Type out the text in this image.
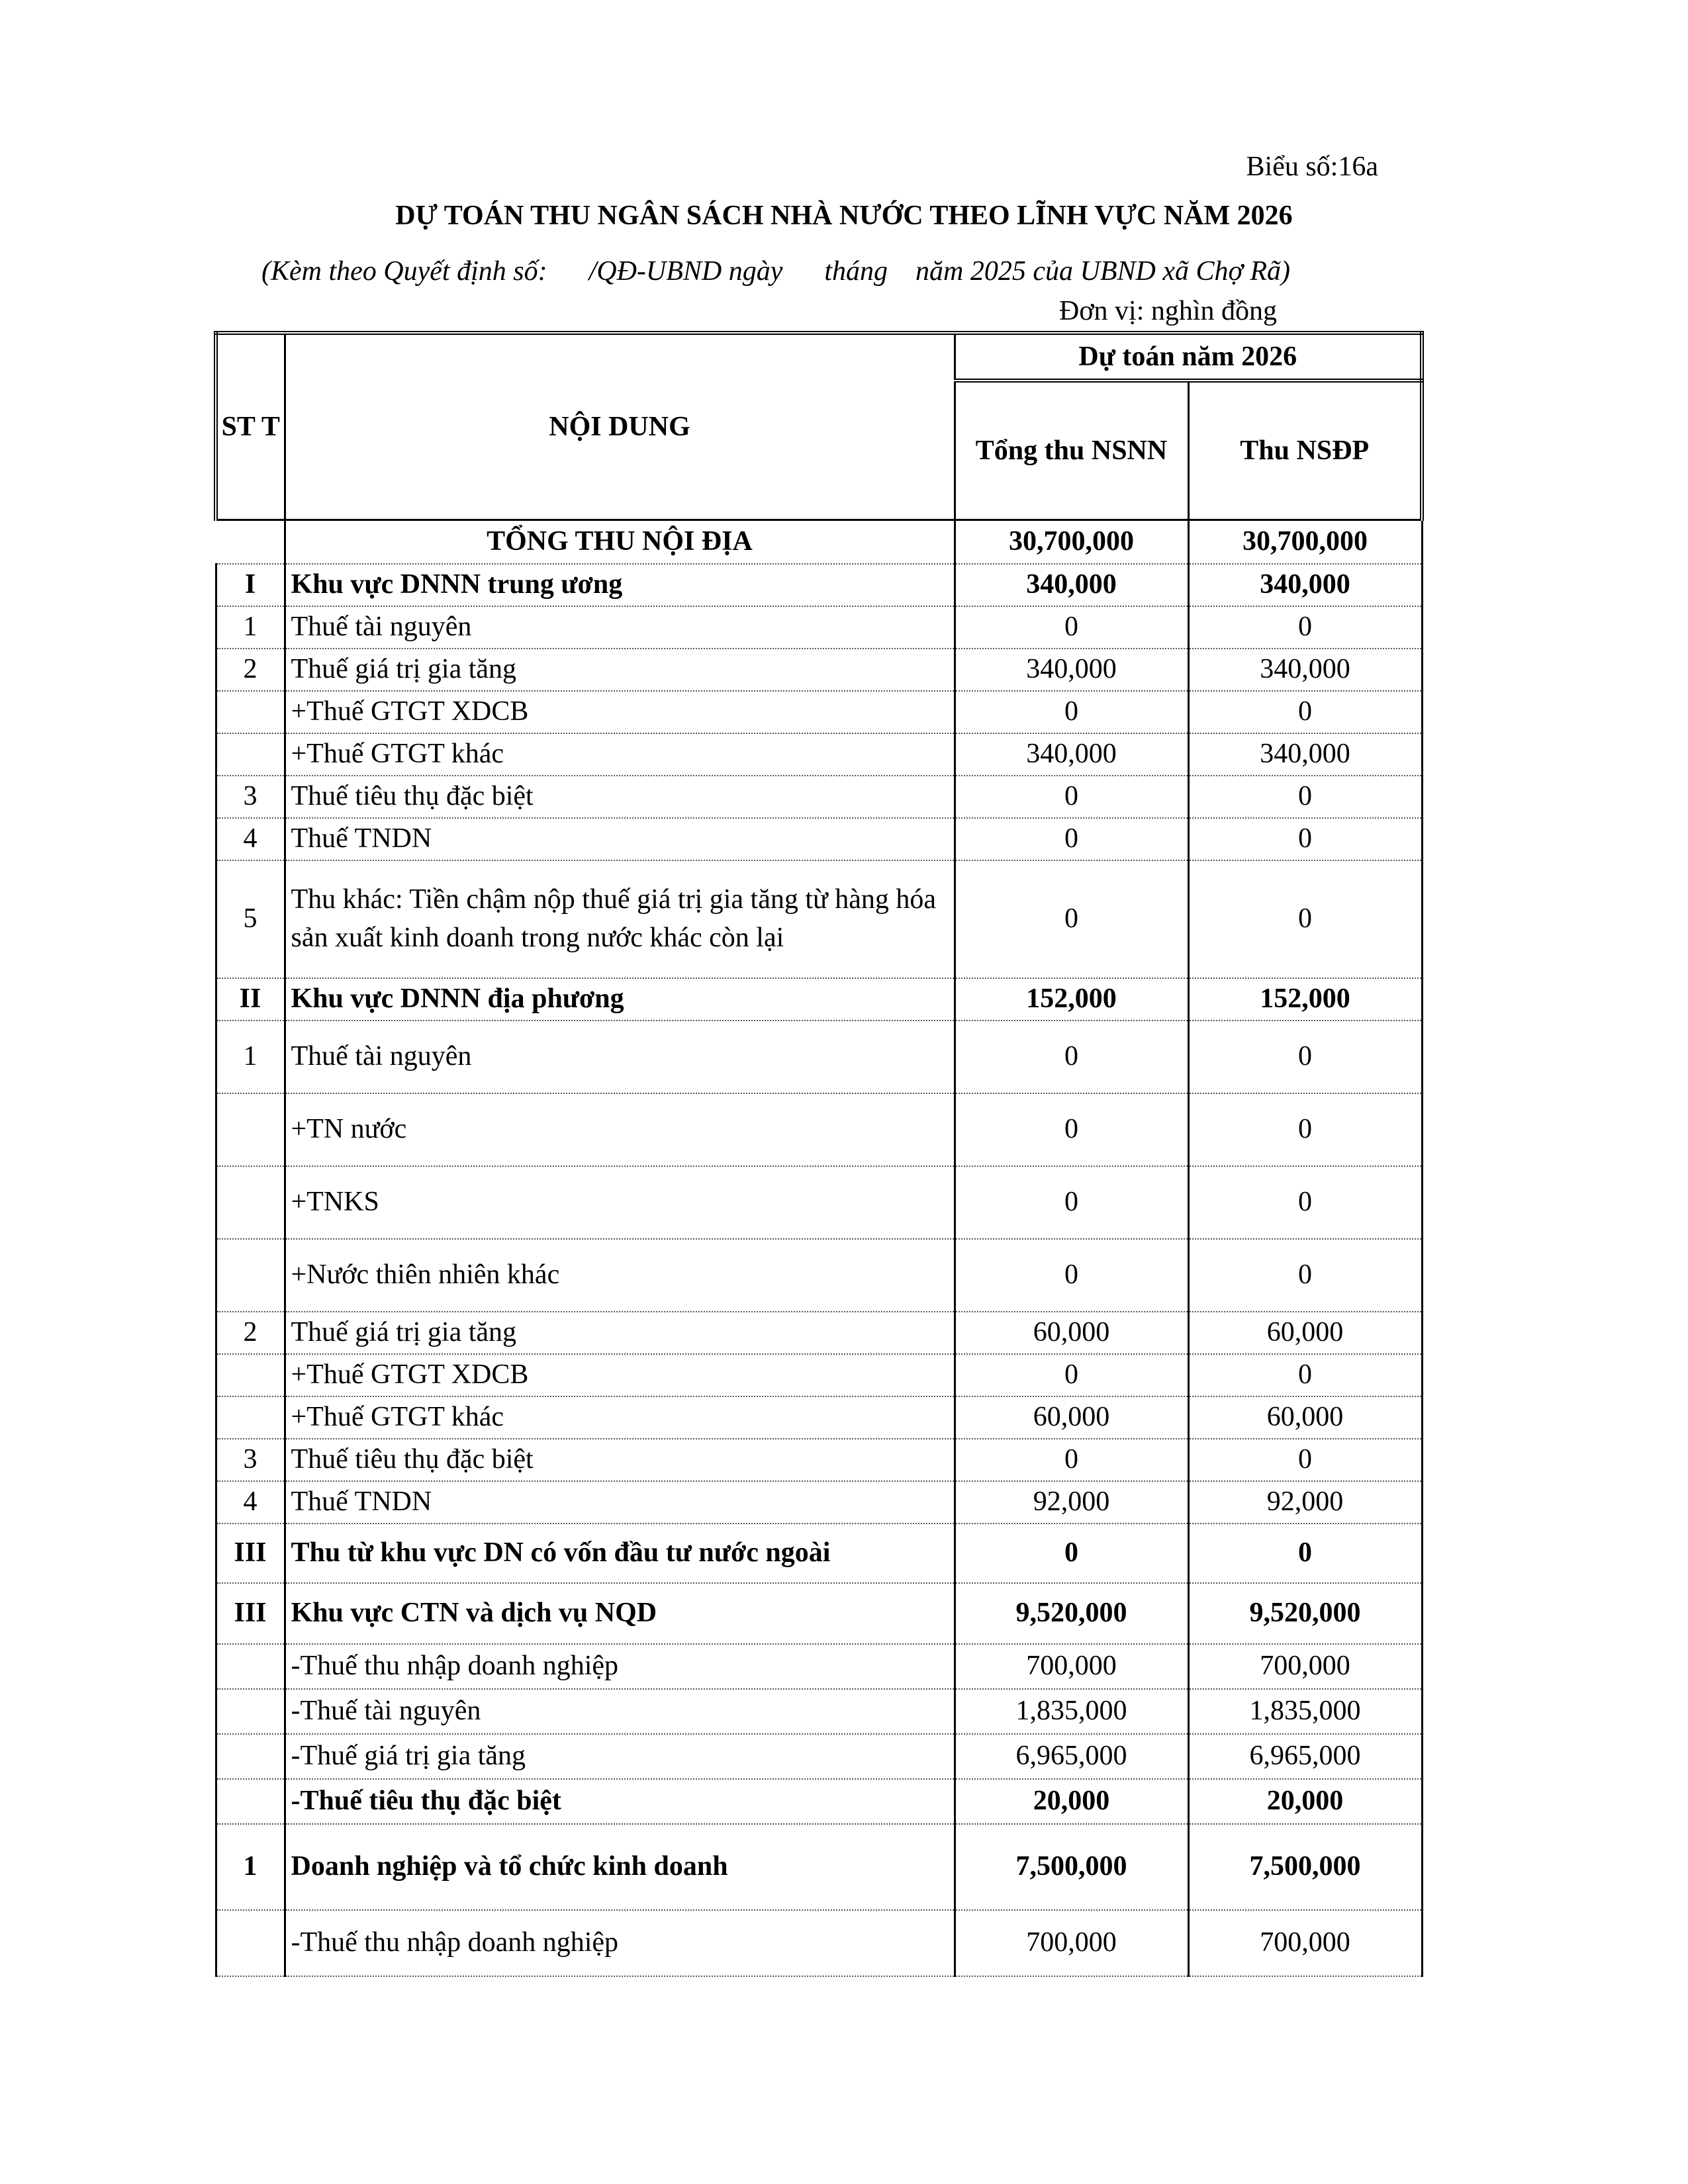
Biểu số:16a
DỰ TOÁN THU NGÂN SÁCH NHÀ NƯỚC THEO LĨNH VỰC NĂM 2026
(Kèm theo Quyết định số:      /QĐ-UBND ngày      tháng    năm 2025 của UBND xã Chợ Rã)
Đơn vị: nghìn đồng
ST T	NỘI DUNG	Dự toán năm 2026	
		Tổng thu NSNN	Thu NSĐP
	TỔNG THU NỘI ĐỊA	30,700,000	30,700,000
I	Khu vực DNNN trung ương	340,000	340,000
1	Thuế tài nguyên	0	0
2	Thuế giá trị gia tăng	340,000	340,000
	+Thuế GTGT XDCB	0	0
	+Thuế GTGT khác	340,000	340,000
3	Thuế tiêu thụ đặc biệt	0	0
4	Thuế TNDN	0	0
5	Thu khác: Tiền chậm nộp thuế giá trị gia tăng từ hàng hóa sản xuất kinh doanh trong nước khác còn lại	0	0
II	Khu vực DNNN địa phương	152,000	152,000
1	Thuế tài nguyên	0	0
	+TN nước	0	0
	+TNKS	0	0
	+Nước thiên nhiên khác	0	0
2	Thuế giá trị gia tăng	60,000	60,000
	+Thuế GTGT XDCB	0	0
	+Thuế GTGT khác	60,000	60,000
3	Thuế tiêu thụ đặc biệt	0	0
4	Thuế TNDN	92,000	92,000
III	Thu từ khu vực DN có vốn đầu tư nước ngoài	0	0
III	Khu vực CTN và dịch vụ NQD	9,520,000	9,520,000
	-Thuế thu nhập doanh nghiệp	700,000	700,000
	-Thuế tài nguyên	1,835,000	1,835,000
	-Thuế giá trị gia tăng	6,965,000	6,965,000
	-Thuế tiêu thụ đặc biệt	20,000	20,000
1	Doanh nghiệp và tổ chức kinh doanh	7,500,000	7,500,000
	-Thuế thu nhập doanh nghiệp	700,000	700,000
